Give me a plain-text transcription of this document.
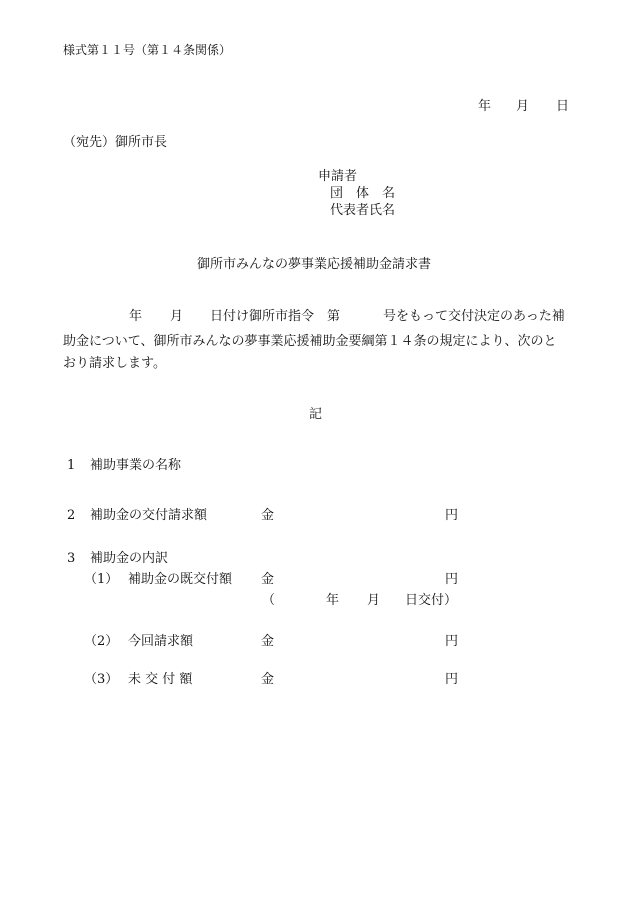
様式第１１号（第１４条関係）
年 月 日
（宛先）御所市長
申請者
団　体　名
代表者氏名
御所市みんなの夢事業応援補助金請求書
年 月 日付け御所市指令　第	号をもって交付決定のあった補
助金について、御所市みんなの夢事業応援補助金要綱第１４条の規定により、次のと
おり請求します。
記
1 補助事業の名称
2 補助金の交付請求額	金	円
3 補助金の内訳
（1） 補助金の既交付額 金	円
（	年 月 日交付）
（2） 今回請求額	金	円
（3） 未 交 付 額	金	円
